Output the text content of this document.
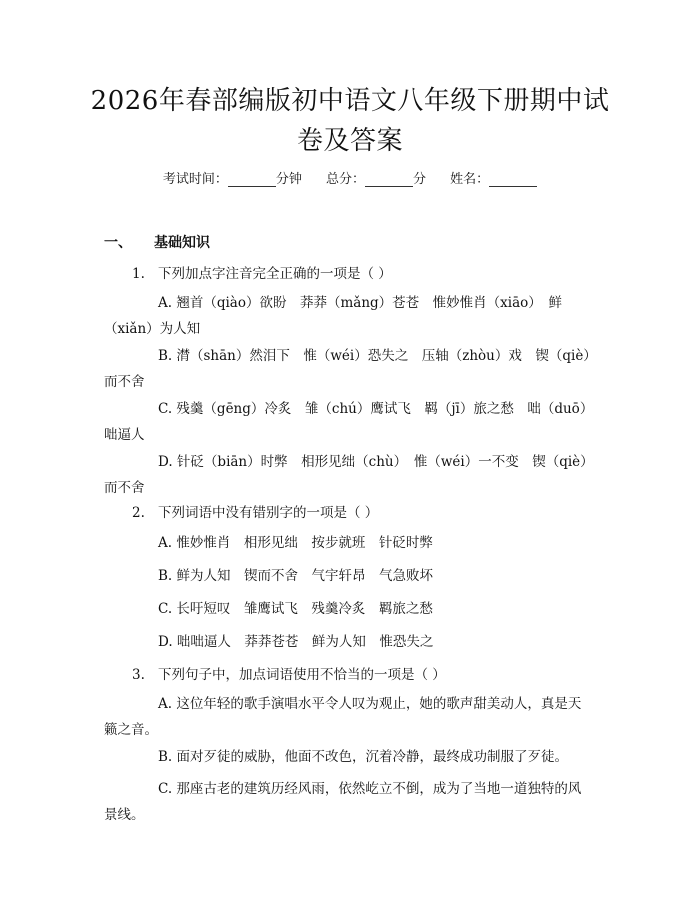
2026年春部编版初中语文八年级下册期中试
卷及答案
考试时间：	分钟 总分：	分 姓名：
一、 基础知识
1. 下列加点字注音完全正确的一项是（ ）
A. 翘首（qiào）欲盼　莽莽（mǎng）苍苍　惟妙惟肖（xiāo）　鲜
（xiǎn）为人知
B. 潸（shān）然泪下　惟（wéi）恐失之　压轴（zhòu）戏　锲（qiè）
而不舍
C. 残羹（gēng）冷炙　雏（chú）鹰试飞　羁（jī）旅之愁　咄（duō）
咄逼人
D. 针砭（biān）时弊　相形见绌（chù）　惟（wéi）一不变　锲（qiè）
而不舍
2. 下列词语中没有错别字的一项是（ ）
A. 惟妙惟肖　相形见绌　按步就班　针砭时弊
B. 鲜为人知　锲而不舍　气宇轩昂　气急败坏
C. 长吁短叹　雏鹰试飞　残羹冷炙　羁旅之愁
D. 咄咄逼人　莽莽苍苍　鲜为人知　惟恐失之
3. 下列句子中，加点词语使用不恰当的一项是（ ）
A. 这位年轻的歌手演唱水平令人叹为观止，她的歌声甜美动人，真是天
籁之音。
B. 面对歹徒的威胁，他面不改色，沉着冷静，最终成功制服了歹徒。
C. 那座古老的建筑历经风雨，依然屹立不倒，成为了当地一道独特的风
景线。
